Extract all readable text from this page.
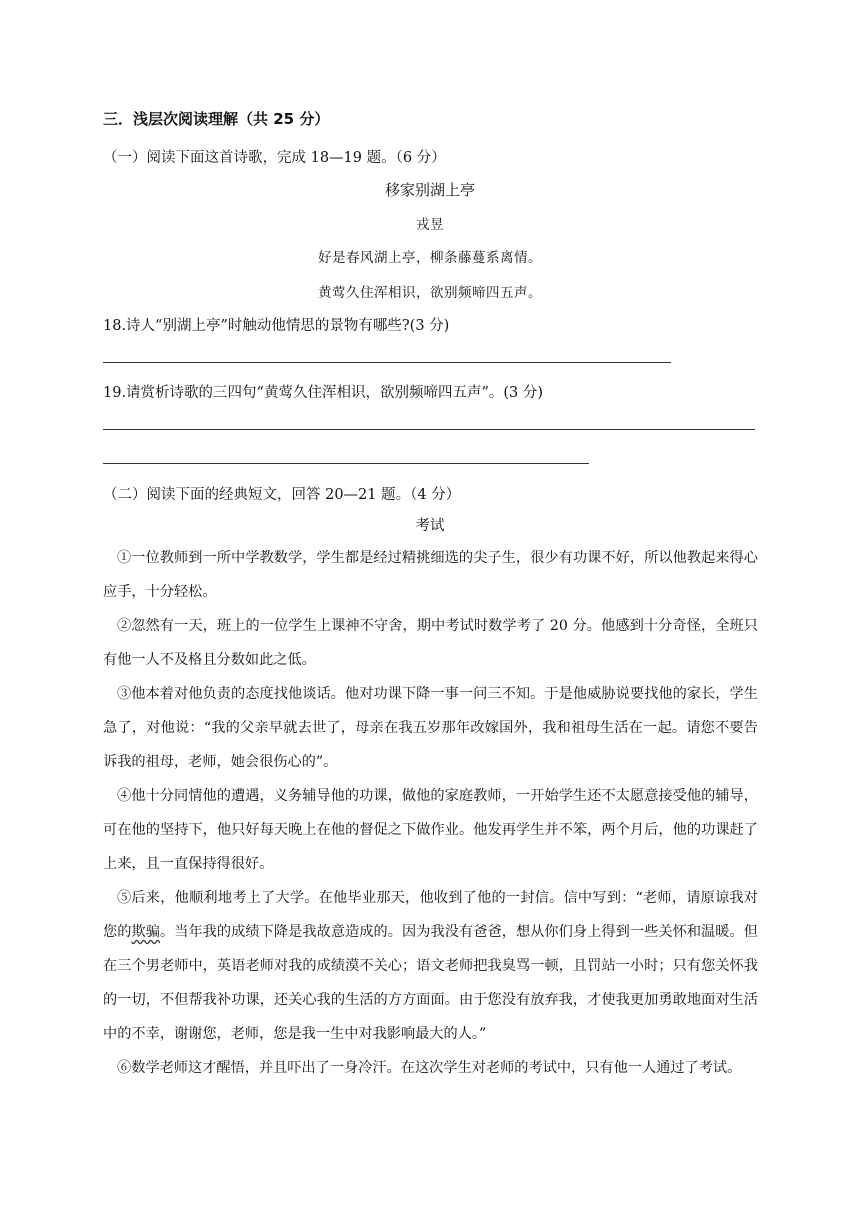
三．浅层次阅读理解（共 25 分）
（一）阅读下面这首诗歌，完成 18—19 题。（6 分）
移家别湖上亭
戎昱
好是春风湖上亭，柳条藤蔓系离情。
黄莺久住浑相识，欲别频啼四五声。
18.诗人“别湖上亭”时触动他情思的景物有哪些?(3 分)
19.请赏析诗歌的三四句“黄莺久住浑相识，欲别频啼四五声”。(3 分)
（二）阅读下面的经典短文，回答 20—21 题。（4 分）
考试
①一位教师到一所中学教数学，学生都是经过精挑细选的尖子生，很少有功课不好，所以他教起来得心应手，十分轻松。
②忽然有一天，班上的一位学生上课神不守舍，期中考试时数学考了 20 分。他感到十分奇怪，全班只有他一人不及格且分数如此之低。
③他本着对他负责的态度找他谈话。他对功课下降一事一问三不知。于是他威胁说要找他的家长，学生急了，对他说：“我的父亲早就去世了，母亲在我五岁那年改嫁国外，我和祖母生活在一起。请您不要告诉我的祖母，老师，她会很伤心的”。
④他十分同情他的遭遇，义务辅导他的功课，做他的家庭教师，一开始学生还不太愿意接受他的辅导，可在他的坚持下，他只好每天晚上在他的督促之下做作业。他发再学生并不笨，两个月后，他的功课赶了上来，且一直保持得很好。
⑤后来，他顺利地考上了大学。在他毕业那天，他收到了他的一封信。信中写到：“老师，请原谅我对您的欺骗。当年我的成绩下降是我故意造成的。因为我没有爸爸，想从你们身上得到一些关怀和温暖。但在三个男老师中，英语老师对我的成绩漠不关心；语文老师把我臭骂一顿，且罚站一小时；只有您关怀我的一切，不但帮我补功课，还关心我的生活的方方面面。由于您没有放弃我，才使我更加勇敢地面对生活中的不幸，谢谢您，老师，您是我一生中对我影响最大的人。”
⑥数学老师这才醒悟，并且吓出了一身冷汗。在这次学生对老师的考试中，只有他一人通过了考试。
